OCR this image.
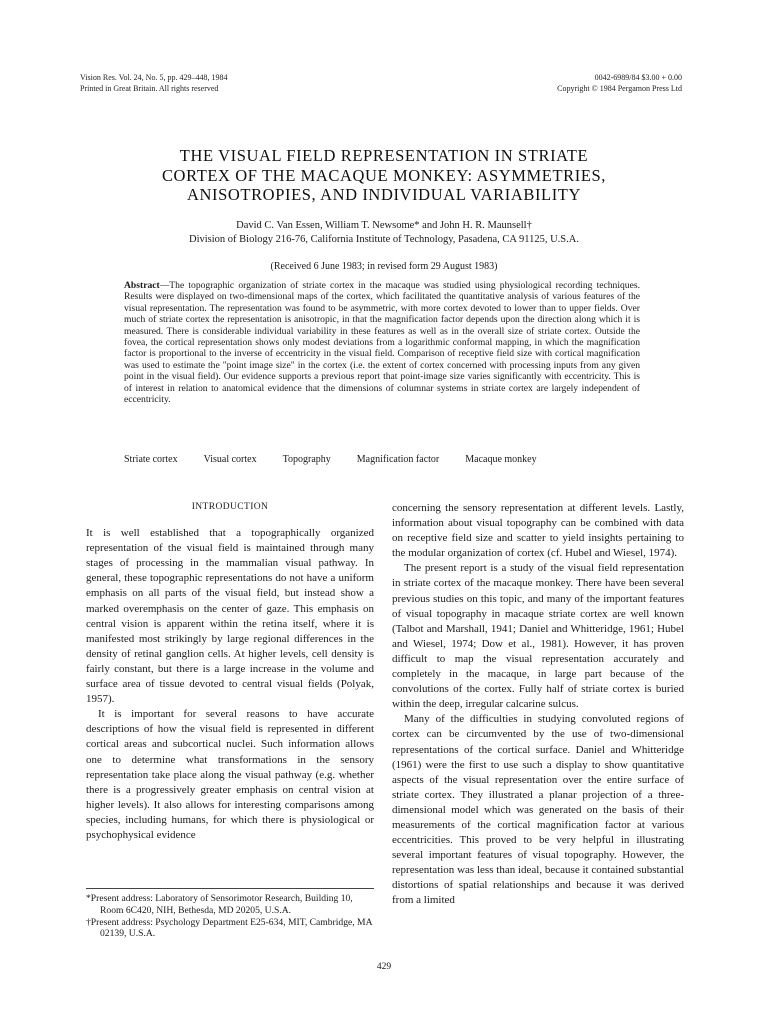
Vision Res. Vol. 24, No. 5, pp. 429–448, 1984
Printed in Great Britain. All rights reserved
0042-6989/84 $3.00 + 0.00
Copyright © 1984 Pergamon Press Ltd
THE VISUAL FIELD REPRESENTATION IN STRIATE
CORTEX OF THE MACAQUE MONKEY: ASYMMETRIES,
ANISOTROPIES, AND INDIVIDUAL VARIABILITY
David C. Van Essen, William T. Newsome* and John H. R. Maunsell†
Division of Biology 216-76, California Institute of Technology, Pasadena, CA 91125, U.S.A.
(Received 6 June 1983; in revised form 29 August 1983)
Abstract—The topographic organization of striate cortex in the macaque was studied using physiological recording techniques. Results were displayed on two-dimensional maps of the cortex, which facilitated the quantitative analysis of various features of the visual representation. The representation was found to be asymmetric, with more cortex devoted to lower than to upper fields. Over much of striate cortex the representation is anisotropic, in that the magnification factor depends upon the direction along which it is measured. There is considerable individual variability in these features as well as in the overall size of striate cortex. Outside the fovea, the cortical representation shows only modest deviations from a logarithmic conformal mapping, in which the magnification factor is proportional to the inverse of eccentricity in the visual field. Comparison of receptive field size with cortical magnification was used to estimate the "point image size" in the cortex (i.e. the extent of cortex concerned with processing inputs from any given point in the visual field). Our evidence supports a previous report that point-image size varies significantly with eccentricity. This is of interest in relation to anatomical evidence that the dimensions of columnar systems in striate cortex are largely independent of eccentricity.
Striate cortex	Visual cortex	Topography	Magnification factor	Macaque monkey
INTRODUCTION

It is well established that a topographically organized representation of the visual field is maintained through many stages of processing in the mammalian visual pathway. In general, these topographic representations do not have a uniform emphasis on all parts of the visual field, but instead show a marked overemphasis on the center of gaze. This emphasis on central vision is apparent within the retina itself, where it is manifested most strikingly by large regional differences in the density of retinal ganglion cells. At higher levels, cell density is fairly constant, but there is a large increase in the volume and surface area of tissue devoted to central visual fields (Polyak, 1957).

It is important for several reasons to have accurate descriptions of how the visual field is represented in different cortical areas and subcortical nuclei. Such information allows one to determine what transformations in the sensory representation take place along the visual pathway (e.g. whether there is a progressively greater emphasis on central vision at higher levels). It also allows for interesting comparisons among species, including humans, for which there is physiological or psychophysical evidence

*Present address: Laboratory of Sensorimotor Research, Building 10, Room 6C420, NIH, Bethesda, MD 20205, U.S.A.

†Present address: Psychology Department E25-634, MIT, Cambridge, MA 02139, U.S.A.

concerning the sensory representation at different levels. Lastly, information about visual topography can be combined with data on receptive field size and scatter to yield insights pertaining to the modular organization of cortex (cf. Hubel and Wiesel, 1974).

The present report is a study of the visual field representation in striate cortex of the macaque monkey. There have been several previous studies on this topic, and many of the important features of visual topography in macaque striate cortex are well known (Talbot and Marshall, 1941; Daniel and Whitteridge, 1961; Hubel and Wiesel, 1974; Dow et al., 1981). However, it has proven difficult to map the visual representation accurately and completely in the macaque, in large part because of the convolutions of the cortex. Fully half of striate cortex is buried within the deep, irregular calcarine sulcus.

Many of the difficulties in studying convoluted regions of cortex can be circumvented by the use of two-dimensional representations of the cortical surface. Daniel and Whitteridge (1961) were the first to use such a display to show quantitative aspects of the visual representation over the entire surface of striate cortex. They illustrated a planar projection of a three-dimensional model which was generated on the basis of their measurements of the cortical magnification factor at various eccentricities. This proved to be very helpful in illustrating several important features of visual topography. However, the representation was less than ideal, because it contained substantial distortions of spatial relationships and because it was derived from a limited

429
